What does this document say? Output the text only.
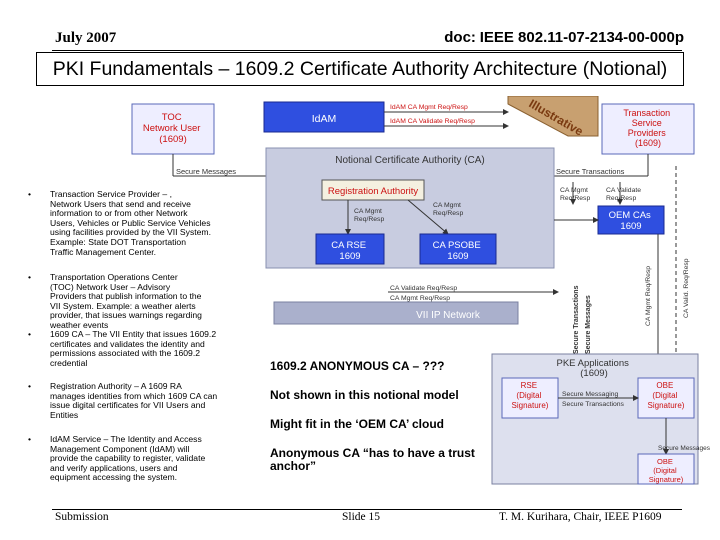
July 2007	doc: IEEE 802.11-07-2134-00-000p
PKI Fundamentals – 1609.2 Certificate Authority Architecture (Notional)
• Transaction Service Provider – ,
Network Users that send and receive
information to or from other Network
Users, Vehicles or Public Service Vehicles
using facilities provided by the VII System.
Example: State DOT Transportation
Traffic Management Center.
• Transportation Operations Center
(TOC) Network User – Advisory
Providers that publish information to the
VII System. Example: a weather alerts
provider, that issues warnings regarding
weather events
• 1609 CA – The VII Entity that issues 1609.2
certificates and validates the identity and
permissions associated with the 1609.2
credential
• Registration Authority – A 1609 RA
manages identities from which 1609 CA can
issue digital certificates for VII Users and
Entities
• IdAM Service – The Identity and Access
Management Component (IdAM) will
provide the capability to register, validate
and verify applications, users and
equipment accessing the system.
TOC Network User (1609)
IdAM
IdAM CA Mgmt Req/Resp
IdAM CA Validate Req/Resp	Illustrative	Transaction Service Providers (1609)
Secure Messages	Secure Transactions
Notional Certificate Authority (CA)
Registration Authority
CA Mgmt Req/Resp
CA Mgmt Req/Resp
CA RSE 1609
CA PSOBE 1609
CA Mgmt Req/Resp
CA Validate Req/Resp
OEM CAs 1609
CA Validate Req/Resp
CA Mgmt Req/Resp
VII IP Network	CA Mgmt Req/Resp	CA Valid. Req/Resp
Secure Transactions Secure Messages
PKE Applications (1609)
RSE (Digital Signature)
OBE (Digital Signature)
Secure Messaging
Secure Transactions
Secure Messages
OBE (Digital Signature)
1609.2 ANONYMOUS CA – ???
Not shown in this notional model
Might fit in the ‘OEM CA’ cloud
Anonymous CA “has to have a trust
anchor”
Submission	Slide 15	T. M. Kurihara, Chair, IEEE P1609
